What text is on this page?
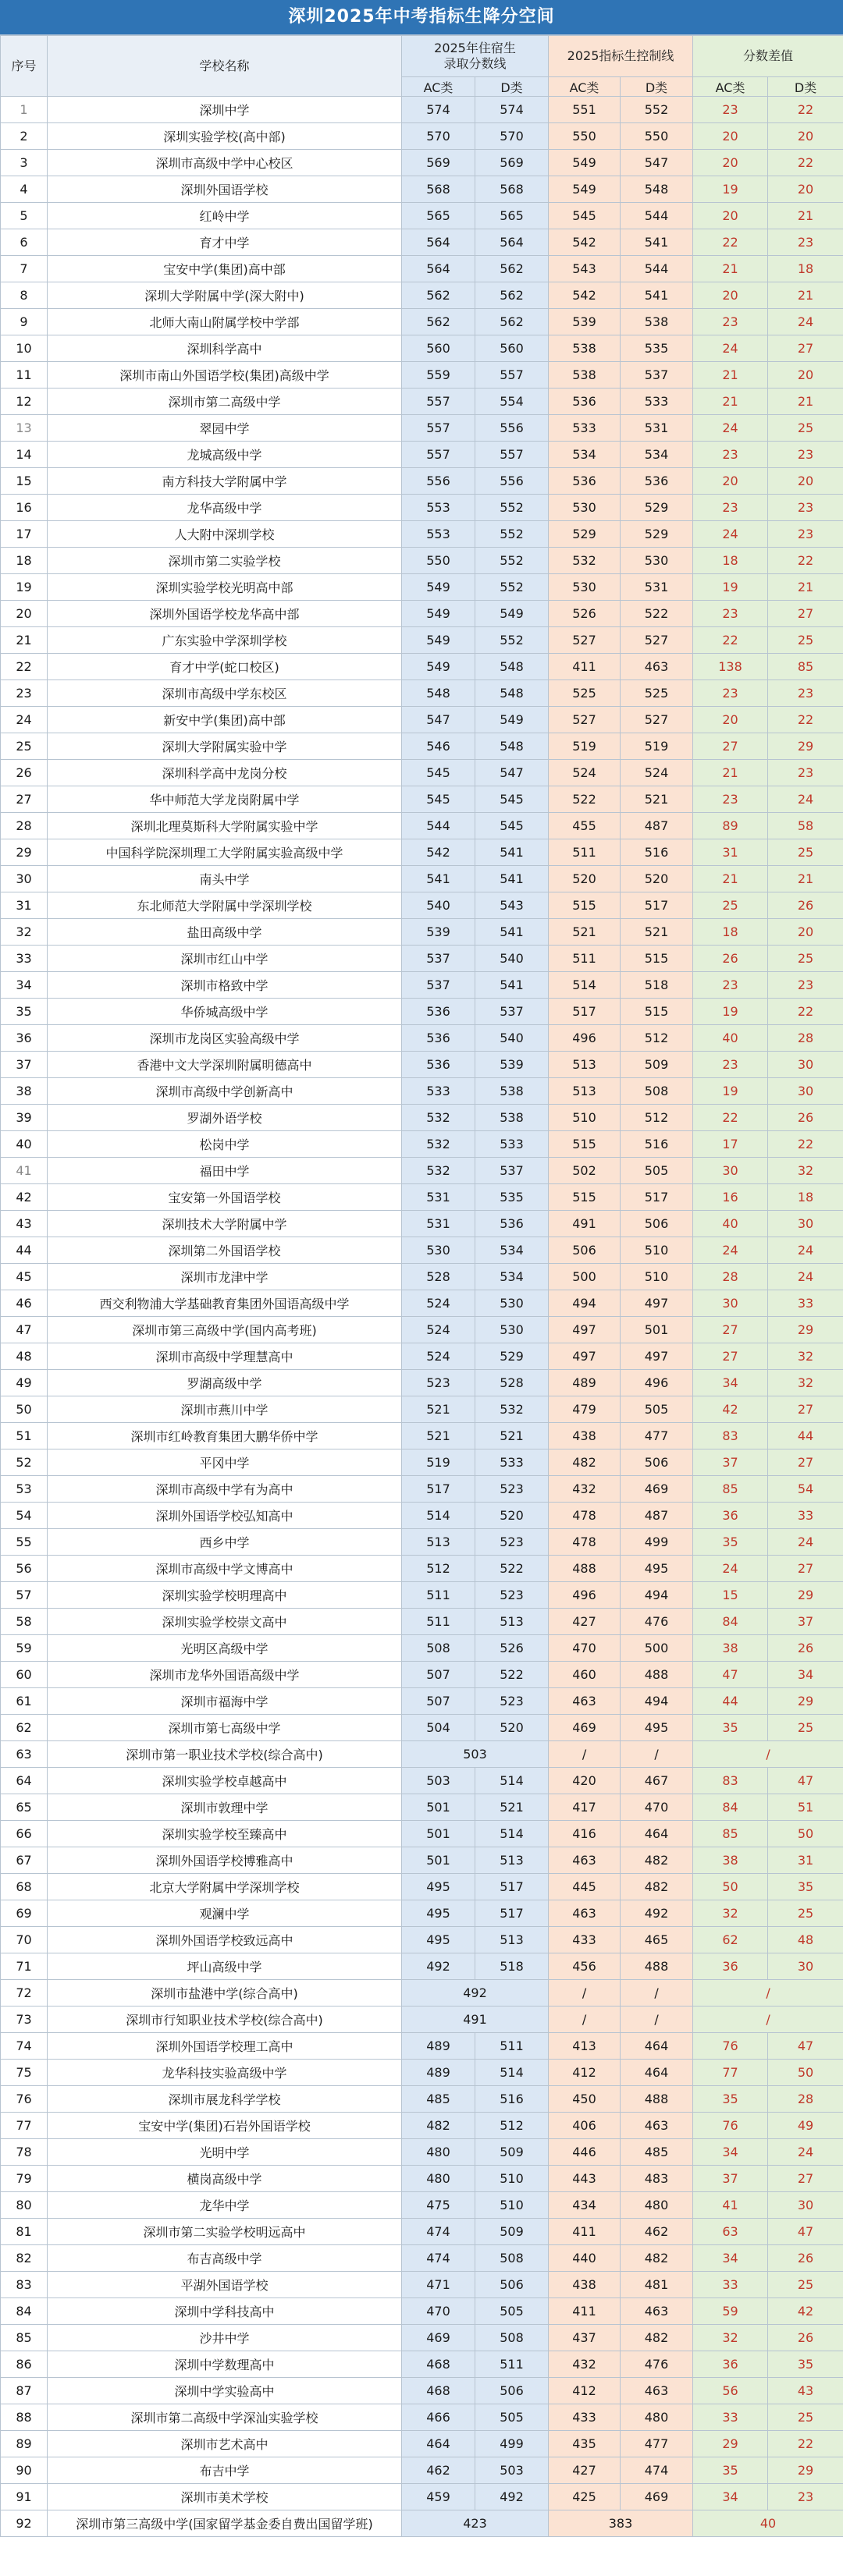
深圳2025年中考指标生降分空间
序号	学校名称	2025年住宿生
录取分数线		2025指标生控制线		分数差值	
		AC类	D类	AC类	D类	AC类	D类
1	深圳中学	574	574	551	552	23	22
2	深圳实验学校(高中部)	570	570	550	550	20	20
3	深圳市高级中学中心校区	569	569	549	547	20	22
4	深圳外国语学校	568	568	549	548	19	20
5	红岭中学	565	565	545	544	20	21
6	育才中学	564	564	542	541	22	23
7	宝安中学(集团)高中部	564	562	543	544	21	18
8	深圳大学附属中学(深大附中)	562	562	542	541	20	21
9	北师大南山附属学校中学部	562	562	539	538	23	24
10	深圳科学高中	560	560	538	535	24	27
11	深圳市南山外国语学校(集团)高级中学	559	557	538	537	21	20
12	深圳市第二高级中学	557	554	536	533	21	21
13	翠园中学	557	556	533	531	24	25
14	龙城高级中学	557	557	534	534	23	23
15	南方科技大学附属中学	556	556	536	536	20	20
16	龙华高级中学	553	552	530	529	23	23
17	人大附中深圳学校	553	552	529	529	24	23
18	深圳市第二实验学校	550	552	532	530	18	22
19	深圳实验学校光明高中部	549	552	530	531	19	21
20	深圳外国语学校龙华高中部	549	549	526	522	23	27
21	广东实验中学深圳学校	549	552	527	527	22	25
22	育才中学(蛇口校区)	549	548	411	463	138	85
23	深圳市高级中学东校区	548	548	525	525	23	23
24	新安中学(集团)高中部	547	549	527	527	20	22
25	深圳大学附属实验中学	546	548	519	519	27	29
26	深圳科学高中龙岗分校	545	547	524	524	21	23
27	华中师范大学龙岗附属中学	545	545	522	521	23	24
28	深圳北理莫斯科大学附属实验中学	544	545	455	487	89	58
29	中国科学院深圳理工大学附属实验高级中学	542	541	511	516	31	25
30	南头中学	541	541	520	520	21	21
31	东北师范大学附属中学深圳学校	540	543	515	517	25	26
32	盐田高级中学	539	541	521	521	18	20
33	深圳市红山中学	537	540	511	515	26	25
34	深圳市格致中学	537	541	514	518	23	23
35	华侨城高级中学	536	537	517	515	19	22
36	深圳市龙岗区实验高级中学	536	540	496	512	40	28
37	香港中文大学深圳附属明德高中	536	539	513	509	23	30
38	深圳市高级中学创新高中	533	538	513	508	19	30
39	罗湖外语学校	532	538	510	512	22	26
40	松岗中学	532	533	515	516	17	22
41	福田中学	532	537	502	505	30	32
42	宝安第一外国语学校	531	535	515	517	16	18
43	深圳技术大学附属中学	531	536	491	506	40	30
44	深圳第二外国语学校	530	534	506	510	24	24
45	深圳市龙津中学	528	534	500	510	28	24
46	西交利物浦大学基础教育集团外国语高级中学	524	530	494	497	30	33
47	深圳市第三高级中学(国内高考班)	524	530	497	501	27	29
48	深圳市高级中学理慧高中	524	529	497	497	27	32
49	罗湖高级中学	523	528	489	496	34	32
50	深圳市燕川中学	521	532	479	505	42	27
51	深圳市红岭教育集团大鹏华侨中学	521	521	438	477	83	44
52	平冈中学	519	533	482	506	37	27
53	深圳市高级中学有为高中	517	523	432	469	85	54
54	深圳外国语学校弘知高中	514	520	478	487	36	33
55	西乡中学	513	523	478	499	35	24
56	深圳市高级中学文博高中	512	522	488	495	24	27
57	深圳实验学校明理高中	511	523	496	494	15	29
58	深圳实验学校崇文高中	511	513	427	476	84	37
59	光明区高级中学	508	526	470	500	38	26
60	深圳市龙华外国语高级中学	507	522	460	488	47	34
61	深圳市福海中学	507	523	463	494	44	29
62	深圳市第七高级中学	504	520	469	495	35	25
63	深圳市第一职业技术学校(综合高中)	503		/	/	/	
64	深圳实验学校卓越高中	503	514	420	467	83	47
65	深圳市敦理中学	501	521	417	470	84	51
66	深圳实验学校至臻高中	501	514	416	464	85	50
67	深圳外国语学校博雅高中	501	513	463	482	38	31
68	北京大学附属中学深圳学校	495	517	445	482	50	35
69	观澜中学	495	517	463	492	32	25
70	深圳外国语学校致远高中	495	513	433	465	62	48
71	坪山高级中学	492	518	456	488	36	30
72	深圳市盐港中学(综合高中)	492		/	/	/	
73	深圳市行知职业技术学校(综合高中)	491		/	/	/	
74	深圳外国语学校理工高中	489	511	413	464	76	47
75	龙华科技实验高级中学	489	514	412	464	77	50
76	深圳市展龙科学学校	485	516	450	488	35	28
77	宝安中学(集团)石岩外国语学校	482	512	406	463	76	49
78	光明中学	480	509	446	485	34	24
79	横岗高级中学	480	510	443	483	37	27
80	龙华中学	475	510	434	480	41	30
81	深圳市第二实验学校明远高中	474	509	411	462	63	47
82	布吉高级中学	474	508	440	482	34	26
83	平湖外国语学校	471	506	438	481	33	25
84	深圳中学科技高中	470	505	411	463	59	42
85	沙井中学	469	508	437	482	32	26
86	深圳中学数理高中	468	511	432	476	36	35
87	深圳中学实验高中	468	506	412	463	56	43
88	深圳市第二高级中学深汕实验学校	466	505	433	480	33	25
89	深圳市艺术高中	464	499	435	477	29	22
90	布吉中学	462	503	427	474	35	29
91	深圳市美术学校	459	492	425	469	34	23
92	深圳市第三高级中学(国家留学基金委自费出国留学班)	423		383		40	
